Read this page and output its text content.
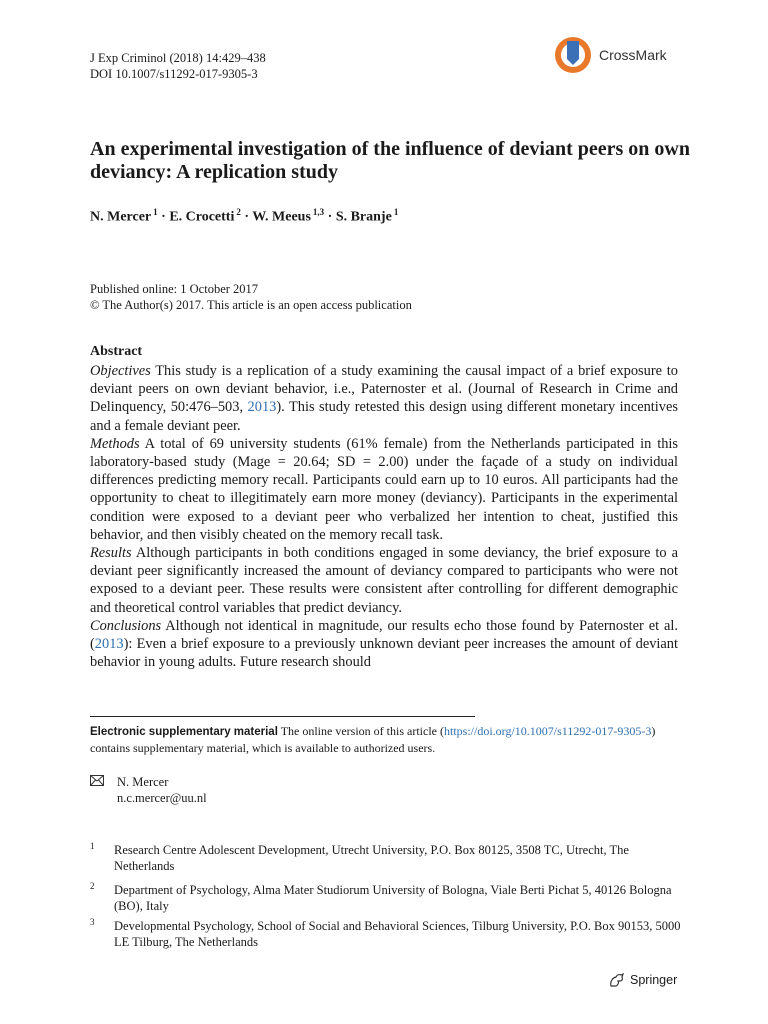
J Exp Criminol (2018) 14:429–438
DOI 10.1007/s11292-017-9305-3
CrossMark
An experimental investigation of the influence of deviant peers on own deviancy: A replication study
N. Mercer $^1$ · E. Crocetti $^2$ · W. Meeus $^{1,3}$ · S. Branje $^1$
Published online: 1 October 2017
© The Author(s) 2017. This article is an open access publication
Abstract

Objectives This study is a replication of a study examining the causal impact of a brief exposure to deviant peers on own deviant behavior, i.e., Paternoster et al. (Journal of Research in Crime and Delinquency, 50:476–503, 2013). This study retested this design using different monetary incentives and a female deviant peer.

Methods A total of 69 university students (61% female) from the Netherlands participated in this laboratory-based study (Mage = 20.64; SD = 2.00) under the façade of a study on individual differences predicting memory recall. Participants could earn up to 10 euros. All participants had the opportunity to cheat to illegitimately earn more money (deviancy). Participants in the experimental condition were exposed to a deviant peer who verbalized her intention to cheat, justified this behavior, and then visibly cheated on the memory recall task.

Results Although participants in both conditions engaged in some deviancy, the brief exposure to a deviant peer significantly increased the amount of deviancy compared to participants who were not exposed to a deviant peer. These results were consistent after controlling for different demographic and theoretical control variables that predict deviancy.

Conclusions Although not identical in magnitude, our results echo those found by Paternoster et al. (2013): Even a brief exposure to a previously unknown deviant peer increases the amount of deviant behavior in young adults. Future research should

Electronic supplementary material The online version of this article (https://doi.org/10.1007/s11292-017-9305-3) contains supplementary material, which is available to authorized users.
N. Mercer
n.c.mercer@uu.nl
1 Research Centre Adolescent Development, Utrecht University, P.O. Box 80125, 3508 TC, Utrecht, The Netherlands
2 Department of Psychology, Alma Mater Studiorum University of Bologna, Viale Berti Pichat 5, 40126 Bologna (BO), Italy
3 Developmental Psychology, School of Social and Behavioral Sciences, Tilburg University, P.O. Box 90153, 5000 LE Tilburg, The Netherlands
Springer
